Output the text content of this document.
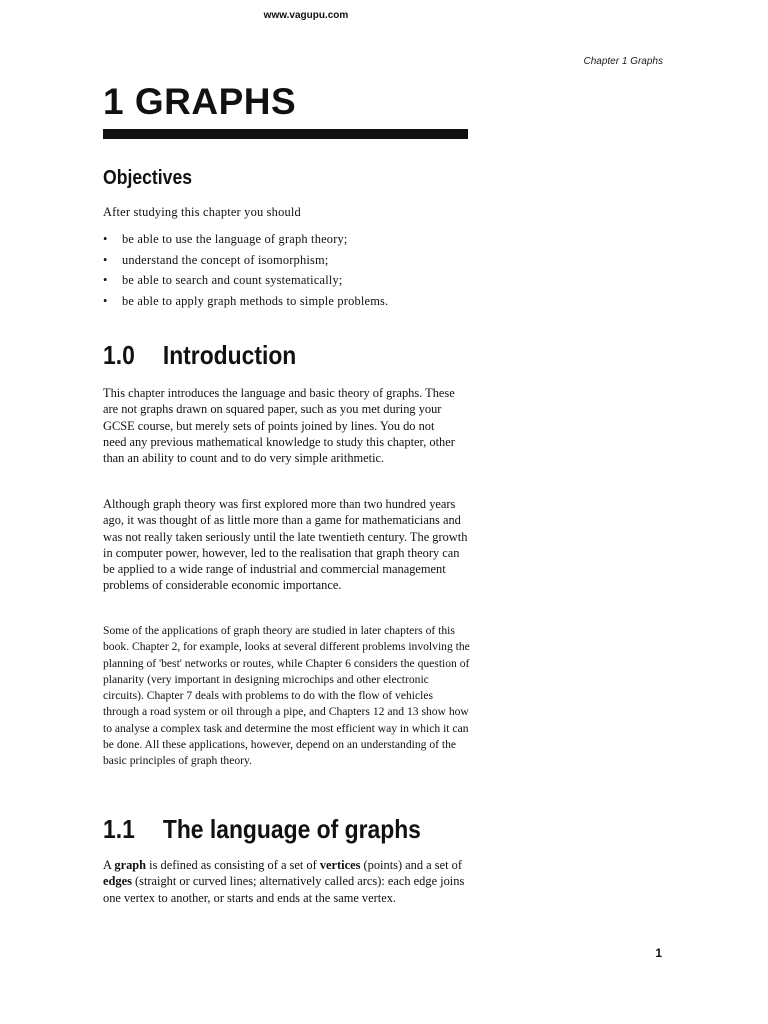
www.vagupu.com
Chapter 1 Graphs
1 GRAPHS
Objectives

After studying this chapter you should

• be able to use the language of graph theory;
• understand the concept of isomorphism;
• be able to search and count systematically;
• be able to apply graph methods to simple problems.
1.0 Introduction

This chapter introduces the language and basic theory of graphs. These are not graphs drawn on squared paper, such as you met during your GCSE course, but merely sets of points joined by lines. You do not need any previous mathematical knowledge to study this chapter, other than an ability to count and to do very simple arithmetic.

Although graph theory was first explored more than two hundred years ago, it was thought of as little more than a game for mathematicians and was not really taken seriously until the late twentieth century. The growth in computer power, however, led to the realisation that graph theory can be applied to a wide range of industrial and commercial management problems of considerable economic importance.

Some of the applications of graph theory are studied in later chapters of this book. Chapter 2, for example, looks at several different problems involving the planning of 'best' networks or routes, while Chapter 6 considers the question of planarity (very important in designing microchips and other electronic circuits). Chapter 7 deals with problems to do with the flow of vehicles through a road system or oil through a pipe, and Chapters 12 and 13 show how to analyse a complex task and determine the most efficient way in which it can be done. All these applications, however, depend on an understanding of the basic principles of graph theory.

1.1 The language of graphs

A graph is defined as consisting of a set of vertices (points) and a set of edges (straight or curved lines; alternatively called arcs): each edge joins one vertex to another, or starts and ends at the same vertex.

1
